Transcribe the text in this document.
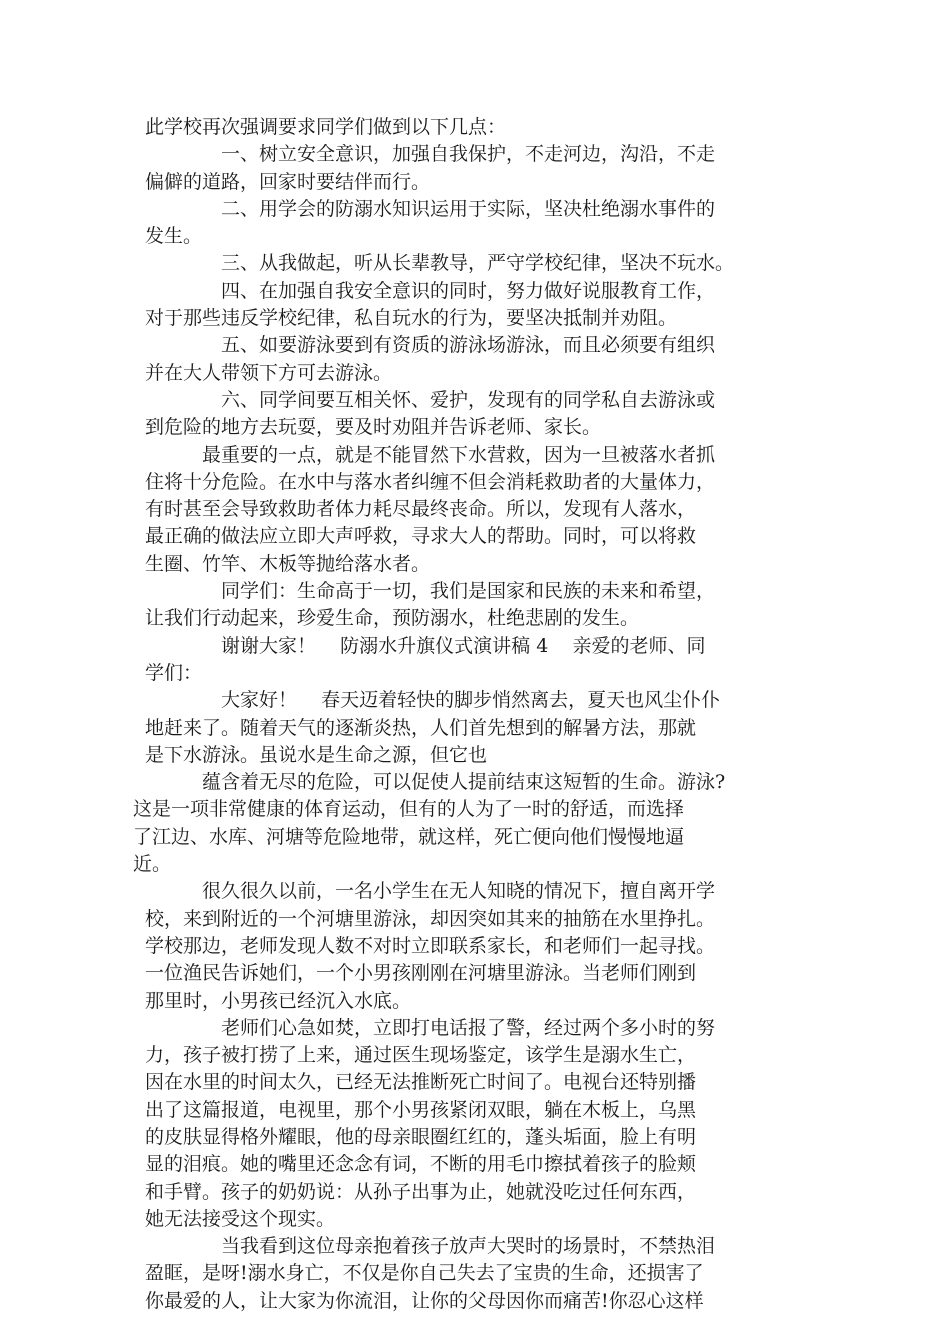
此学校再次强调要求同学们做到以下几点：
一、树立安全意识，加强自我保护，不走河边，沟沿，不走
偏僻的道路，回家时要结伴而行。
二、用学会的防溺水知识运用于实际，坚决杜绝溺水事件的
发生。
三、从我做起，听从长辈教导，严守学校纪律，坚决不玩水。
四、在加强自我安全意识的同时，努力做好说服教育工作，
对于那些违反学校纪律，私自玩水的行为，要坚决抵制并劝阻。
五、如要游泳要到有资质的游泳场游泳，而且必须要有组织
并在大人带领下方可去游泳。
六、同学间要互相关怀、爱护，发现有的同学私自去游泳或
到危险的地方去玩耍，要及时劝阻并告诉老师、家长。
最重要的一点，就是不能冒然下水营救，因为一旦被落水者抓
住将十分危险。在水中与落水者纠缠不但会消耗救助者的大量体力，
有时甚至会导致救助者体力耗尽最终丧命。所以，发现有人落水，
最正确的做法应立即大声呼救，寻求大人的帮助。同时，可以将救
生圈、竹竿、木板等抛给落水者。
同学们：生命高于一切，我们是国家和民族的未来和希望，
让我们行动起来，珍爱生命，预防溺水，杜绝悲剧的发生。
谢谢大家！    防溺水升旗仪式演讲稿 4    亲爱的老师、同
学们：
大家好！    春天迈着轻快的脚步悄然离去，夏天也风尘仆仆
地赶来了。随着天气的逐渐炎热，人们首先想到的解暑方法，那就
是下水游泳。虽说水是生命之源，但它也
蕴含着无尽的危险，可以促使人提前结束这短暂的生命。游泳?
这是一项非常健康的体育运动，但有的人为了一时的舒适，而选择
了江边、水库、河塘等危险地带，就这样，死亡便向他们慢慢地逼
近。
很久很久以前，一名小学生在无人知晓的情况下，擅自离开学
校，来到附近的一个河塘里游泳，却因突如其来的抽筋在水里挣扎。
学校那边，老师发现人数不对时立即联系家长，和老师们一起寻找。
一位渔民告诉她们，一个小男孩刚刚在河塘里游泳。当老师们刚到
那里时，小男孩已经沉入水底。
老师们心急如焚，立即打电话报了警，经过两个多小时的努
力，孩子被打捞了上来，通过医生现场鉴定，该学生是溺水生亡，
因在水里的时间太久，已经无法推断死亡时间了。电视台还特别播
出了这篇报道，电视里，那个小男孩紧闭双眼，躺在木板上，乌黑
的皮肤显得格外耀眼，他的母亲眼圈红红的，蓬头垢面，脸上有明
显的泪痕。她的嘴里还念念有词，不断的用毛巾擦拭着孩子的脸颊
和手臂。孩子的奶奶说：从孙子出事为止，她就没吃过任何东西，
她无法接受这个现实。
当我看到这位母亲抱着孩子放声大哭时的场景时，不禁热泪
盈眶，是呀!溺水身亡，不仅是你自己失去了宝贵的生命，还损害了
你最爱的人，让大家为你流泪，让你的父母因你而痛苦!你忍心这样
